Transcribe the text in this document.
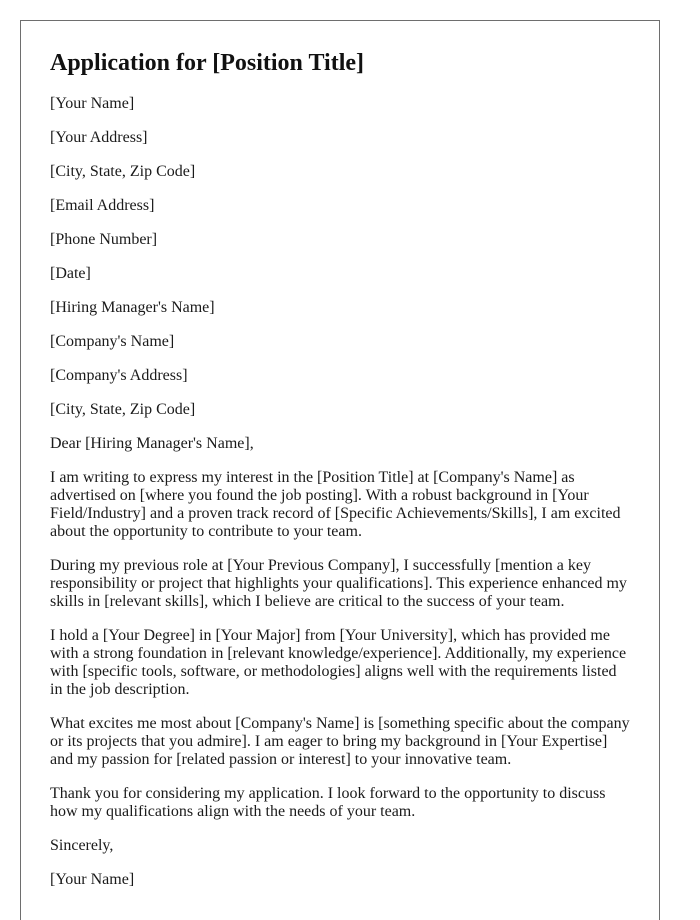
Application for [Position Title]
[Your Name]
[Your Address]
[City, State, Zip Code]
[Email Address]
[Phone Number]
[Date]
[Hiring Manager's Name]
[Company's Name]
[Company's Address]
[City, State, Zip Code]
Dear [Hiring Manager's Name],

I am writing to express my interest in the [Position Title] at [Company's Name] as advertised on [where you found the job posting]. With a robust background in [Your Field/Industry] and a proven track record of [Specific Achievements/Skills], I am excited about the opportunity to contribute to your team.

During my previous role at [Your Previous Company], I successfully [mention a key responsibility or project that highlights your qualifications]. This experience enhanced my skills in [relevant skills], which I believe are critical to the success of your team.

I hold a [Your Degree] in [Your Major] from [Your University], which has provided me with a strong foundation in [relevant knowledge/experience]. Additionally, my experience with [specific tools, software, or methodologies] aligns well with the requirements listed in the job description.

What excites me most about [Company's Name] is [something specific about the company or its projects that you admire]. I am eager to bring my background in [Your Expertise] and my passion for [related passion or interest] to your innovative team.

Thank you for considering my application. I look forward to the opportunity to discuss how my qualifications align with the needs of your team.

Sincerely,
[Your Name]
